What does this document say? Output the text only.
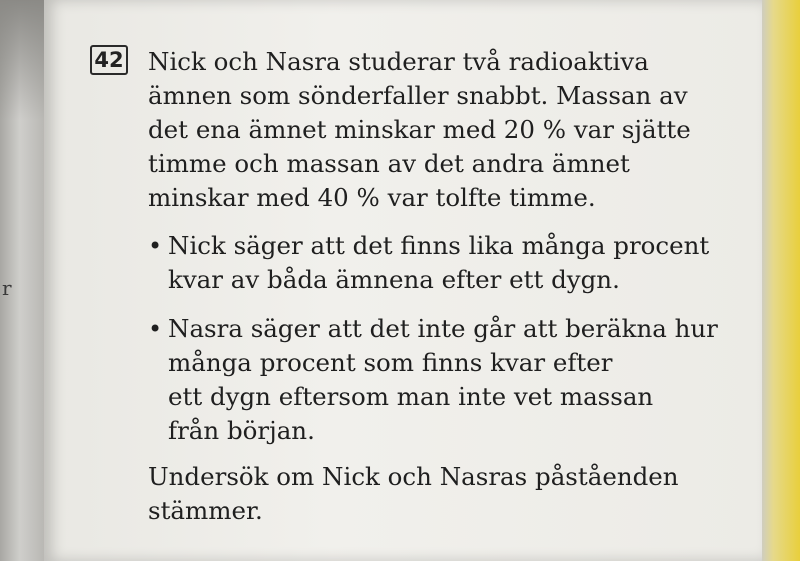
r
42 Nick och Nasra studerar två radioaktiva
ämnen som sönderfaller snabbt. Massan av
det ena ämnet minskar med 20 % var sjätte
timme och massan av det andra ämnet
minskar med 40 % var tolfte timme.
• Nick säger att det finns lika många procent
kvar av båda ämnena efter ett dygn.
• Nasra säger att det inte går att beräkna hur
många procent som finns kvar efter
ett dygn eftersom man inte vet massan
från början.
Undersök om Nick och Nasras påståenden
stämmer.
